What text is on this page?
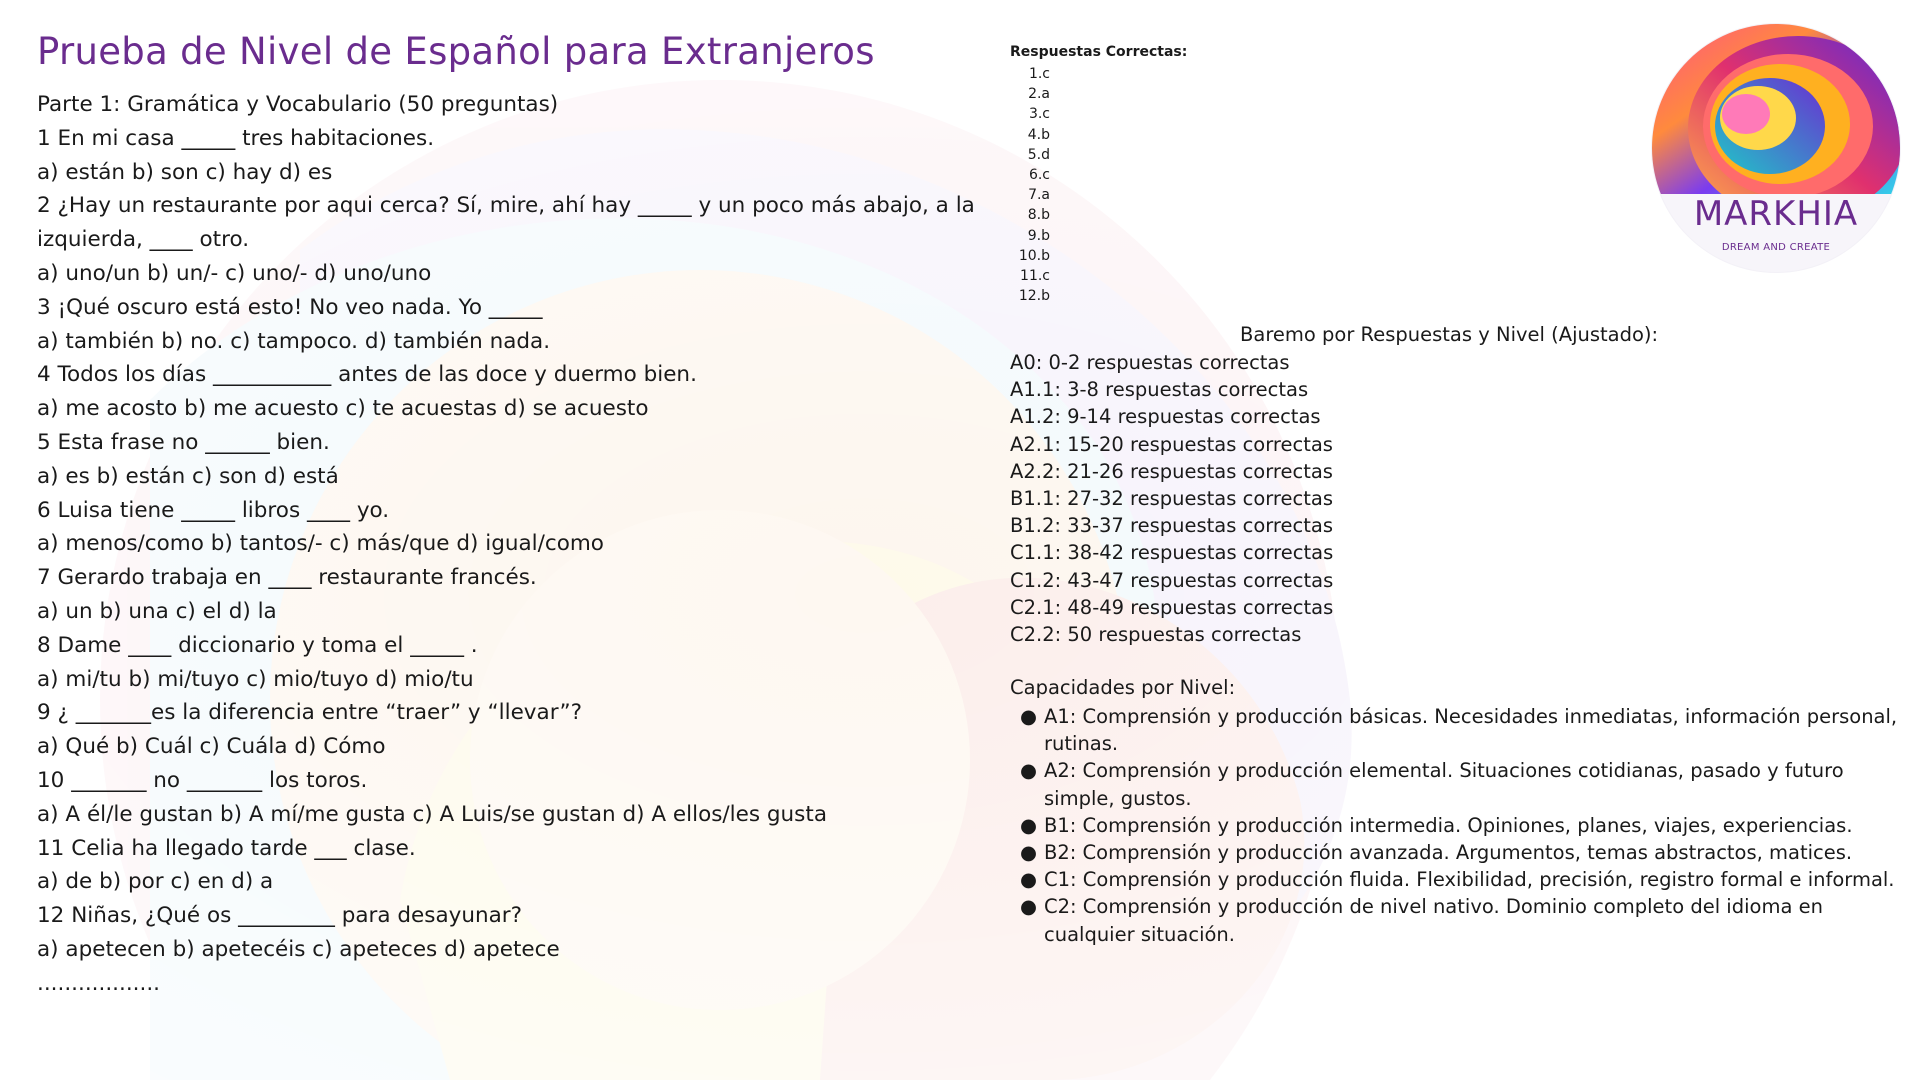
Prueba de Nivel de Español para Extranjeros
Parte 1: Gramática y Vocabulario (50 preguntas)
1 En mi casa _____ tres habitaciones.
a) están b) son c) hay d) es
2 ¿Hay un restaurante por aqui cerca? Sí, mire, ahí hay _____ y un poco más abajo, a la izquierda, ____ otro.
a) uno/un b) un/- c) uno/- d) uno/uno
3 ¡Qué oscuro está esto! No veo nada. Yo _____
a) también b) no. c) tampoco. d) también nada.
4 Todos los días ___________ antes de las doce y duermo bien.
a) me acosto b) me acuesto c) te acuestas d) se acuesto
5 Esta frase no ______ bien.
a) es b) están c) son d) está
6 Luisa tiene _____ libros ____ yo.
a) menos/como b) tantos/- c) más/que d) igual/como
7 Gerardo trabaja en ____ restaurante francés.
a) un b) una c) el d) la
8 Dame ____ diccionario y toma el _____ .
a) mi/tu b) mi/tuyo c) mio/tuyo d) mio/tu
9 ¿ _______es la diferencia entre “traer” y “llevar”?
a) Qué b) Cuál c) Cuála d) Cómo
10 _______ no _______ los toros.
a) A él/le gustan b) A mí/me gusta c) A Luis/se gustan d) A ellos/les gusta
11 Celia ha llegado tarde ___ clase.
a) de b) por c) en d) a
12 Niñas, ¿Qué os _________ para desayunar?
a) apetecen b) apetecéis c) apeteces d) apetece
..................
Respuestas Correctas:
1.c
2.a
3.c
4.b
5.d
6.c
7.a
8.b
9.b
10.b
11.c
12.b
MARKHIA
DREAM AND CREATE
Baremo por Respuestas y Nivel (Ajustado):
A0: 0-2 respuestas correctas
A1.1: 3-8 respuestas correctas
A1.2: 9-14 respuestas correctas
A2.1: 15-20 respuestas correctas
A2.2: 21-26 respuestas correctas
B1.1: 27-32 respuestas correctas
B1.2: 33-37 respuestas correctas
C1.1: 38-42 respuestas correctas
C1.2: 43-47 respuestas correctas
C2.1: 48-49 respuestas correctas
C2.2: 50 respuestas correctas
Capacidades por Nivel:
● A1: Comprensión y producción básicas. Necesidades inmediatas, información personal, rutinas.
● A2: Comprensión y producción elemental. Situaciones cotidianas, pasado y futuro simple, gustos.
● B1: Comprensión y producción intermedia. Opiniones, planes, viajes, experiencias.
● B2: Comprensión y producción avanzada. Argumentos, temas abstractos, matices.
● C1: Comprensión y producción fluida. Flexibilidad, precisión, registro formal e informal.
● C2: Comprensión y producción de nivel nativo. Dominio completo del idioma en cualquier situación.
